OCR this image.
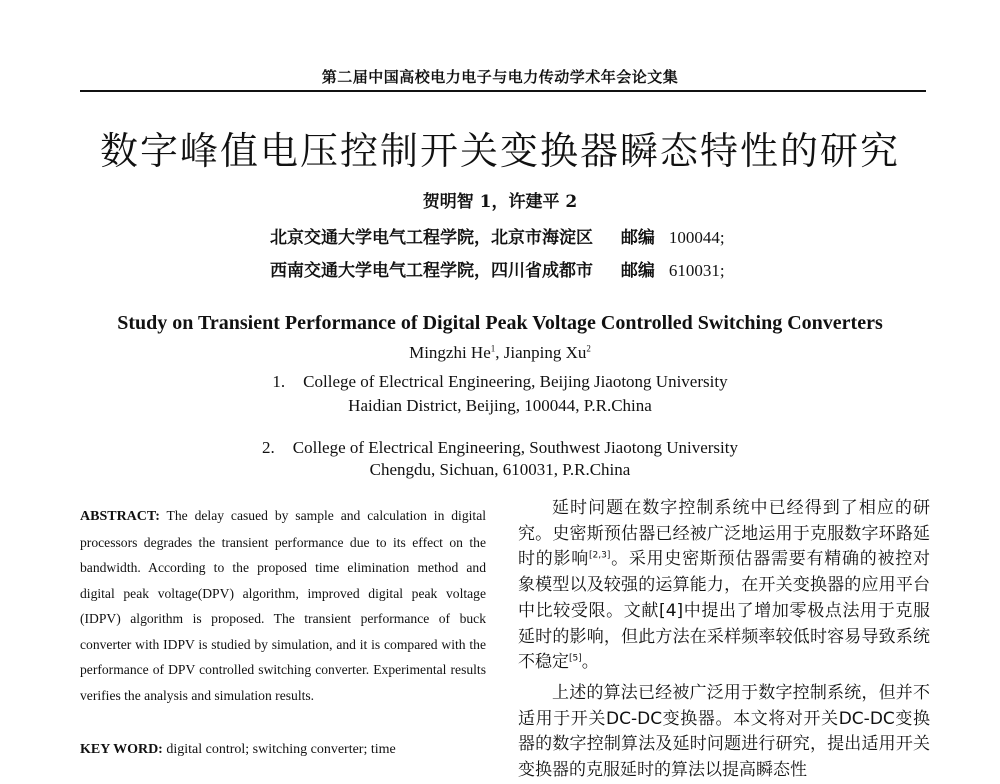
第二届中国高校电力电子与电力传动学术年会论文集
数字峰值电压控制开关变换器瞬态特性的研究
贺明智 1，许建平 2
北京交通大学电气工程学院，北京市海淀区 邮编 100044;
西南交通大学电气工程学院，四川省成都市 邮编 610031;
Study on Transient Performance of Digital Peak Voltage Controlled Switching Converters
Mingzhi He$^1$, Jianping Xu$^2$
1. College of Electrical Engineering, Beijing Jiaotong University
Haidian District, Beijing, 100044, P.R.China
2. College of Electrical Engineering, Southwest Jiaotong University
Chengdu, Sichuan, 610031, P.R.China
ABSTRACT: The delay casued by sample and calculation in digital processors degrades the transient performance due to its effect on the bandwidth. According to the proposed time elimination method and digital peak voltage(DPV) algorithm, improved digital peak voltage (IDPV) algorithm is proposed. The transient performance of buck converter with IDPV is studied by simulation, and it is compared with the performance of DPV controlled switching converter. Experimental results verifies the analysis and simulation results.
KEY WORD: digital control; switching converter; time

延时问题在数字控制系统中已经得到了相应的研究。史密斯预估器已经被广泛地运用于克服数字环路延时的影响[2,3]。采用史密斯预估器需要有精确的被控对象模型以及较强的运算能力，在开关变换器的应用平台中比较受限。文献[4]中提出了增加零极点法用于克服延时的影响，但此方法在采样频率较低时容易导致系统不稳定[5]。

上述的算法已经被广泛用于数字控制系统，但并不适用于开关DC-DC变换器。本文将对开关DC-DC变换器的数字控制算法及延时问题进行研究，提出适用开关变换器的克服延时的算法以提高瞬态性
